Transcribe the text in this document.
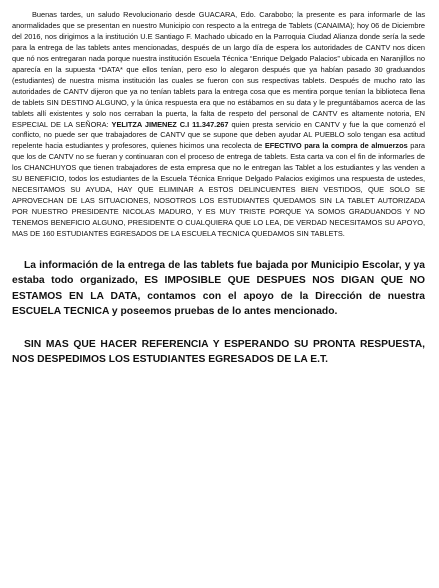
Buenas tardes, un saludo Revolucionario desde GUACARA, Edo. Carabobo; la presente es para informarle de las anormalidades que se presentan en nuestro Municipio con respecto a la entrega de Tablets (CANAIMA); hoy 06 de Diciembre del 2016, nos dirigimos a la institución U.E Santiago F. Machado ubicado en la Parroquia Ciudad Alianza donde sería la sede para la entrega de las tablets antes mencionadas, después de un largo día de espera los autoridades de CANTV nos dicen que nó nos entregaran nada porque nuestra institución Escuela Técnica “Enrique Delgado Palacios” ubicada en Naranjillos no aparecía en la supuesta *DATA* que ellos tenían, pero eso lo alegaron después que ya habían pasado 30 graduandos (estudiantes) de nuestra misma institución las cuales se fueron con sus respectivas tablets. Después de mucho rato las autoridades de CANTV dijeron que ya no tenían tablets para la entrega cosa que es mentira porque tenían la biblioteca llena de tablets SIN DESTINO ALGUNO, y la única respuesta era que no estábamos en su data y le preguntábamos acerca de las tablets allí existentes y solo nos cerraban la puerta, la falta de respeto del personal de CANTV es altamente notoria, EN ESPECIAL DE LA SEÑORA: YELITZA JIMENEZ C.I 11.347.267 quien presta servicio en CANTV y fue la que comenzó el conflicto, no puede ser que trabajadores de CANTV que se supone que deben ayudar AL PUEBLO solo tengan esa actitud repelente hacia estudiantes y profesores, quienes hicimos una recolecta de EFECTIVO para la compra de almuerzos para que los de CANTV no se fueran y continuaran con el proceso de entrega de tablets. Esta carta va con el fin de informarles de los CHANCHUYOS que tienen trabajadores de esta empresa que no le entregan las Tablet a los estudiantes y las venden a SU BENEFICIO, todos los estudiantes de la Escuela Técnica Enrique Delgado Palacios exigimos una respuesta de ustedes, NECESITAMOS SU AYUDA, HAY QUE ELIMINAR A ESTOS DELINCUENTES BIEN VESTIDOS, QUE SOLO SE APROVECHAN DE LAS SITUACIONES, NOSOTROS LOS ESTUDIANTES QUEDAMOS SIN LA TABLET AUTORIZADA POR NUESTRO PRESIDENTE NICOLAS MADURO, Y ES MUY TRISTE PORQUE YA SOMOS GRADUANDOS Y NO TENEMOS BENEFICIO ALGUNO, PRESIDENTE O CUALQUIERA QUE LO LEA, DE VERDAD NECESITAMOS SU APOYO, MAS DE 160 ESTUDIANTES EGRESADOS DE LA ESCUELA TECNICA QUEDAMOS SIN TABLETS.

La información de la entrega de las tablets fue bajada por Municipio Escolar, y ya estaba todo organizado, ES IMPOSIBLE QUE DESPUES NOS DIGAN QUE NO ESTAMOS EN LA DATA, contamos con el apoyo de la Dirección de nuestra ESCUELA TECNICA y poseemos pruebas de lo antes mencionado.

SIN MAS QUE HACER REFERENCIA Y ESPERANDO SU PRONTA RESPUESTA, NOS DESPEDIMOS LOS ESTUDIANTES EGRESADOS DE LA E.T.
